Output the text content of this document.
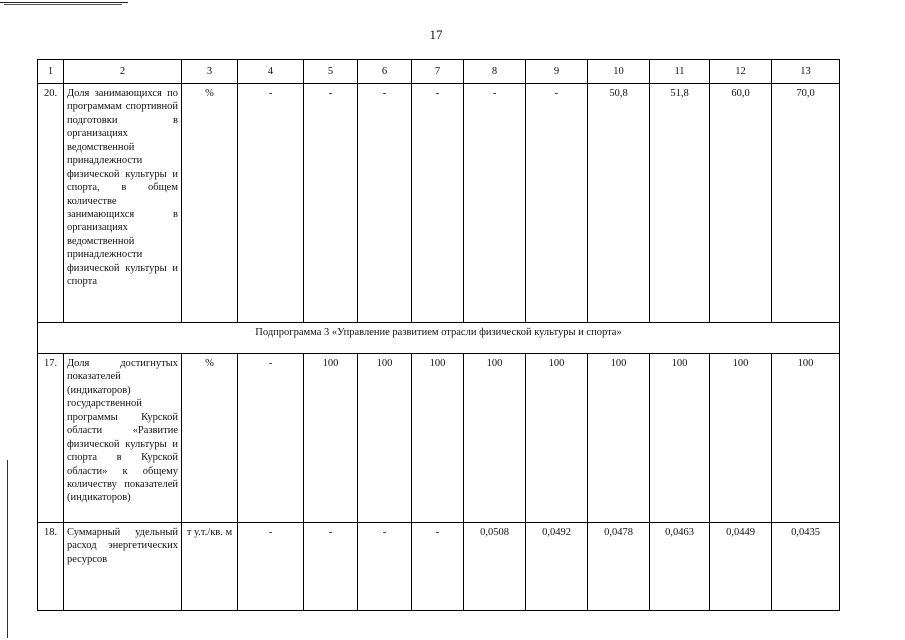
17
1	2	3	4	5	6	7	8	9	10	11	12	13
20.	Доля занимающихся по программам спортивной подготовки в организациях ведомственной принадлежности физической культуры и спорта, в общем количестве занимающихся в организациях ведомственной принадлежности физической культуры и спорта	%	-	-	-	-	-	-	50,8	51,8	60,0	70,0
Подпрограмма 3 «Управление развитием отрасли физической культуры и спорта»												
17.	Доля достигнутых показателей (индикаторов) государственной программы Курской области «Развитие физической культуры и спорта в Курской области» к общему количеству показателей (индикаторов)	%	-	100	100	100	100	100	100	100	100	100
18.	Суммарный удельный расход энергетических ресурсов	т у.т./кв. м	-	-	-	-	0,0508	0,0492	0,0478	0,0463	0,0449	0,0435
